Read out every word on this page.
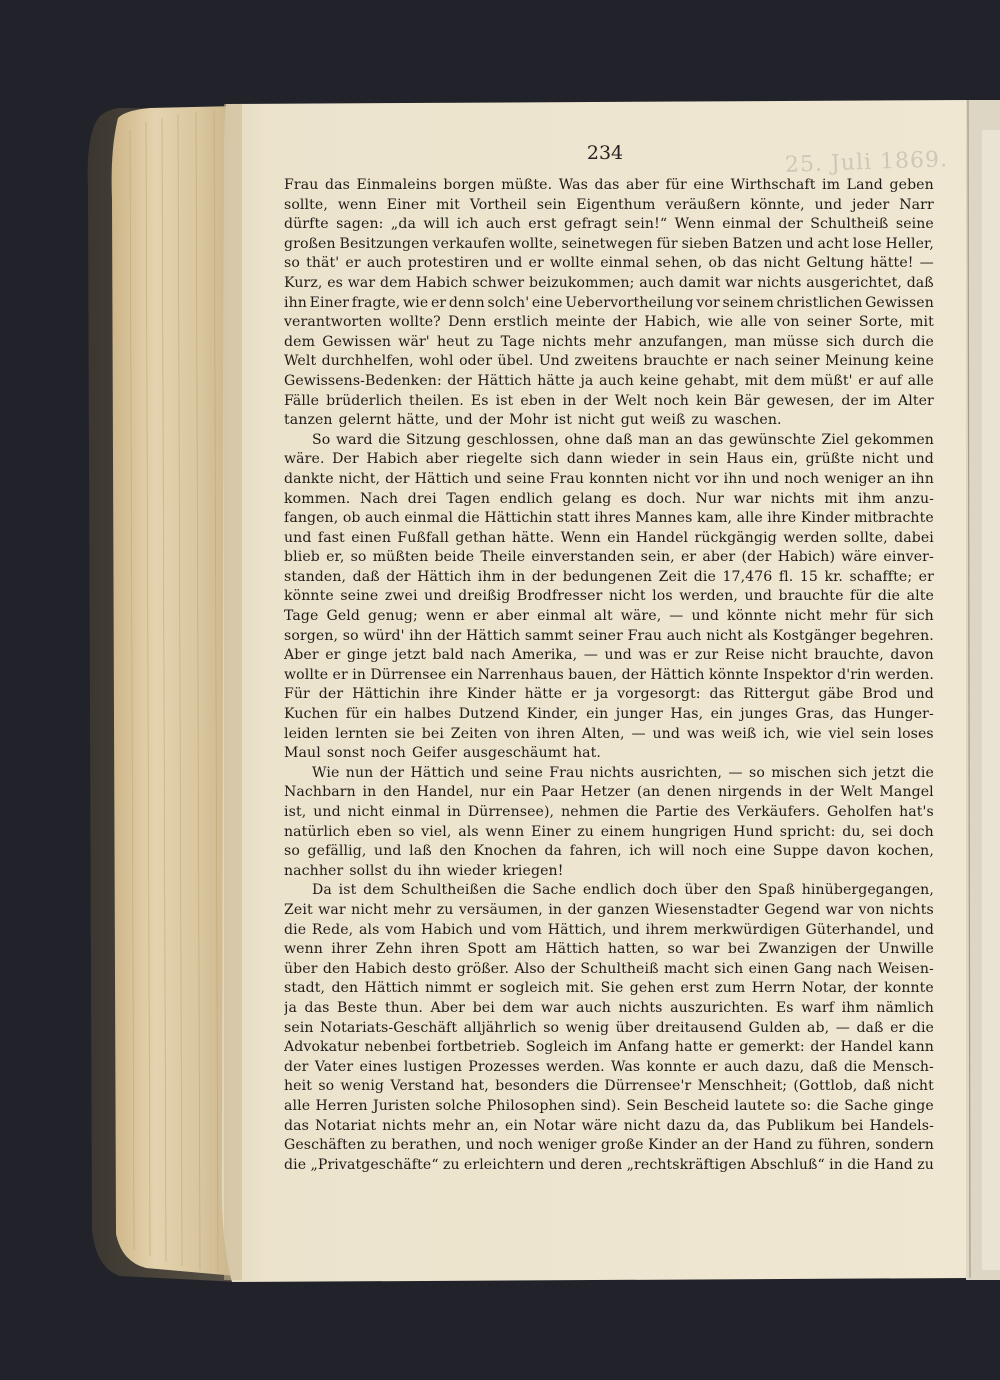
25. Juli 1869.
234
Frau das Einmaleins borgen müßte. Was das aber für eine Wirthschaft im Land geben
sollte, wenn Einer mit Vortheil sein Eigenthum veräußern könnte, und jeder Narr
dürfte sagen: „da will ich auch erst gefragt sein!“ Wenn einmal der Schultheiß seine
großen Besitzungen verkaufen wollte, seinetwegen für sieben Batzen und acht lose Heller,
so thät' er auch protestiren und er wollte einmal sehen, ob das nicht Geltung hätte! —
Kurz, es war dem Habich schwer beizukommen; auch damit war nichts ausgerichtet, daß
ihn Einer fragte, wie er denn solch' eine Uebervortheilung vor seinem christlichen Gewissen
verantworten wollte? Denn erstlich meinte der Habich, wie alle von seiner Sorte, mit
dem Gewissen wär' heut zu Tage nichts mehr anzufangen, man müsse sich durch die
Welt durchhelfen, wohl oder übel. Und zweitens brauchte er nach seiner Meinung keine
Gewissens-Bedenken: der Hättich hätte ja auch keine gehabt, mit dem müßt' er auf alle
Fälle brüderlich theilen. Es ist eben in der Welt noch kein Bär gewesen, der im Alter
tanzen gelernt hätte, und der Mohr ist nicht gut weiß zu waschen.
So ward die Sitzung geschlossen, ohne daß man an das gewünschte Ziel gekommen
wäre. Der Habich aber riegelte sich dann wieder in sein Haus ein, grüßte nicht und
dankte nicht, der Hättich und seine Frau konnten nicht vor ihn und noch weniger an ihn
kommen. Nach drei Tagen endlich gelang es doch. Nur war nichts mit ihm anzu-
fangen, ob auch einmal die Hättichin statt ihres Mannes kam, alle ihre Kinder mitbrachte
und fast einen Fußfall gethan hätte. Wenn ein Handel rückgängig werden sollte, dabei
blieb er, so müßten beide Theile einverstanden sein, er aber (der Habich) wäre einver-
standen, daß der Hättich ihm in der bedungenen Zeit die 17,476 fl. 15 kr. schaffte; er
könnte seine zwei und dreißig Brodfresser nicht los werden, und brauchte für die alte
Tage Geld genug; wenn er aber einmal alt wäre, — und könnte nicht mehr für sich
sorgen, so würd' ihn der Hättich sammt seiner Frau auch nicht als Kostgänger begehren.
Aber er ginge jetzt bald nach Amerika, — und was er zur Reise nicht brauchte, davon
wollte er in Dürrensee ein Narrenhaus bauen, der Hättich könnte Inspektor d'rin werden.
Für der Hättichin ihre Kinder hätte er ja vorgesorgt: das Rittergut gäbe Brod und
Kuchen für ein halbes Dutzend Kinder, ein junger Has, ein junges Gras, das Hunger-
leiden lernten sie bei Zeiten von ihren Alten, — und was weiß ich, wie viel sein loses
Maul sonst noch Geifer ausgeschäumt hat.
Wie nun der Hättich und seine Frau nichts ausrichten, — so mischen sich jetzt die
Nachbarn in den Handel, nur ein Paar Hetzer (an denen nirgends in der Welt Mangel
ist, und nicht einmal in Dürrensee), nehmen die Partie des Verkäufers. Geholfen hat's
natürlich eben so viel, als wenn Einer zu einem hungrigen Hund spricht: du, sei doch
so gefällig, und laß den Knochen da fahren, ich will noch eine Suppe davon kochen,
nachher sollst du ihn wieder kriegen!
Da ist dem Schultheißen die Sache endlich doch über den Spaß hinübergegangen,
Zeit war nicht mehr zu versäumen, in der ganzen Wiesenstadter Gegend war von nichts
die Rede, als vom Habich und vom Hättich, und ihrem merkwürdigen Güterhandel, und
wenn ihrer Zehn ihren Spott am Hättich hatten, so war bei Zwanzigen der Unwille
über den Habich desto größer. Also der Schultheiß macht sich einen Gang nach Weisen-
stadt, den Hättich nimmt er sogleich mit. Sie gehen erst zum Herrn Notar, der konnte
ja das Beste thun. Aber bei dem war auch nichts auszurichten. Es warf ihm nämlich
sein Notariats-Geschäft alljährlich so wenig über dreitausend Gulden ab, — daß er die
Advokatur nebenbei fortbetrieb. Sogleich im Anfang hatte er gemerkt: der Handel kann
der Vater eines lustigen Prozesses werden. Was konnte er auch dazu, daß die Mensch-
heit so wenig Verstand hat, besonders die Dürrensee'r Menschheit; (Gottlob, daß nicht
alle Herren Juristen solche Philosophen sind). Sein Bescheid lautete so: die Sache ginge
das Notariat nichts mehr an, ein Notar wäre nicht dazu da, das Publikum bei Handels-
Geschäften zu berathen, und noch weniger große Kinder an der Hand zu führen, sondern
die „Privatgeschäfte“ zu erleichtern und deren „rechtskräftigen Abschluß“ in die Hand zu
